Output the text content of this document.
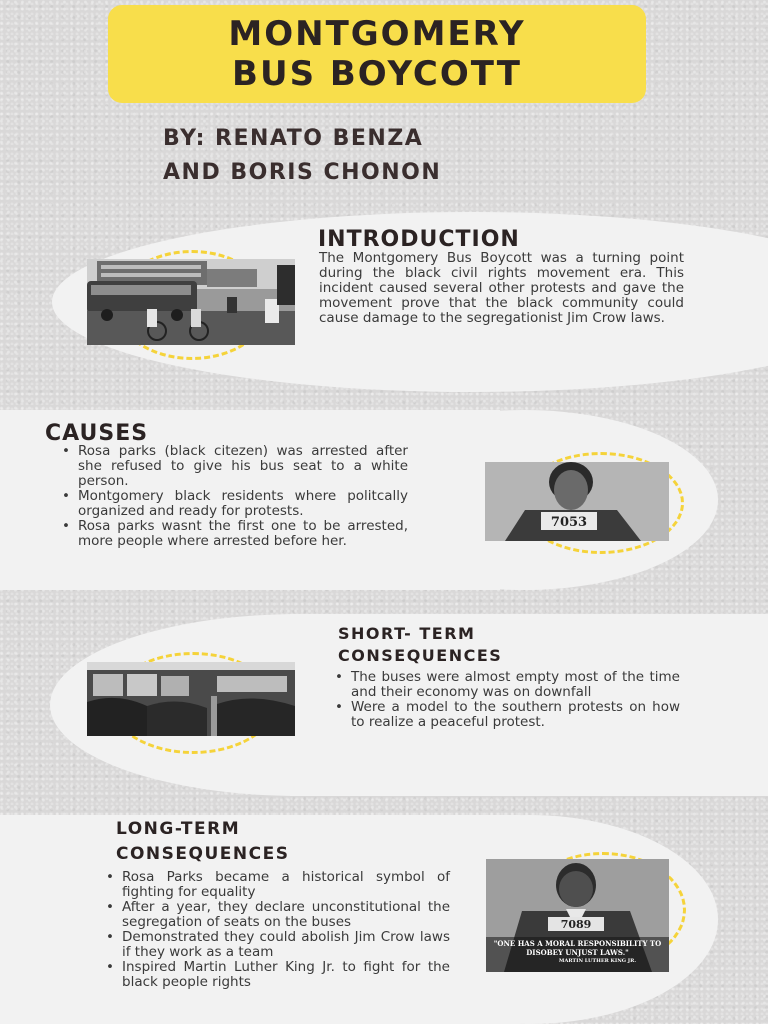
MONTGOMERY
BUS BOYCOTT
BY: RENATO BENZA
AND BORIS CHONON
INTRODUCTION
The Montgomery Bus Boycott was a turning point during the black civil rights movement era. This incident caused several other protests and gave the movement prove that the black community could cause damage to the segregationist Jim Crow laws.
7053
CAUSES
• Rosa parks (black citezen) was arrested after she refused to give his bus seat to a white person.
• Montgomery black residents where politcally organized and ready for protests.
• Rosa parks wasnt the first one to be arrested, more people where arrested before her.
SHORT- TERM
CONSEQUENCES
• The buses were almost empty most of the time and their economy was on downfall
• Were a model to the southern protests on how to realize a peaceful protest.
7089
"ONE HAS A MORAL RESPONSIBILITY TO DISOBEY UNJUST LAWS."
MARTIN LUTHER KING JR.
LONG-TERM
CONSEQUENCES
• Rosa Parks became a historical symbol of fighting for equality
• After a year, they declare unconstitutional the segregation of seats on the buses
• Demonstrated they could abolish Jim Crow laws if they work as a team
• Inspired Martin Luther King Jr. to fight for the black people rights
